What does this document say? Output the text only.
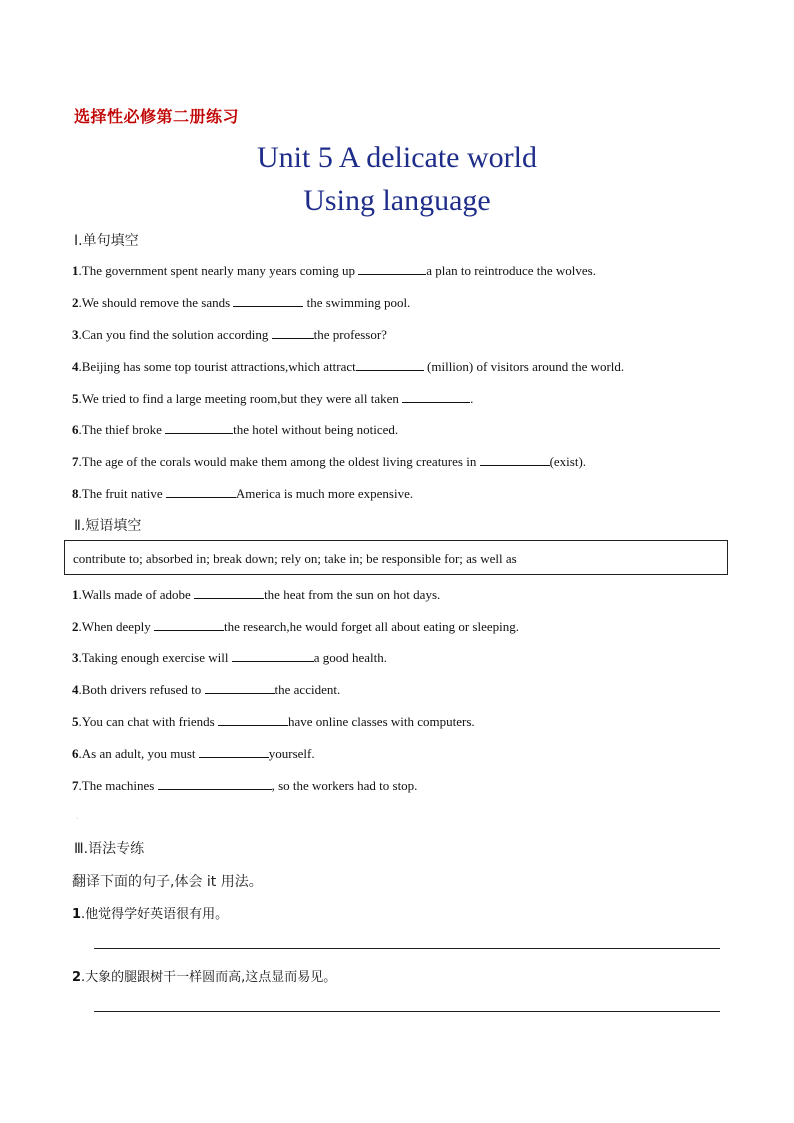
选择性必修第二册练习
Unit 5 A delicate world
Using language
Ⅰ.单句填空
1.The government spent nearly many years coming up	a plan to reintroduce the wolves.
2.We should remove the sands	the swimming pool.
3.Can you find the solution according	the professor?
4.Beijing has some top tourist attractions,which attract	(million) of visitors around the world.
5.We tried to find a large meeting room,but they were all taken	.
6.The thief broke	the hotel without being noticed.
7.The age of the corals would make them among the oldest living creatures in	(exist).
8.The fruit native	America is much more expensive.
Ⅱ.短语填空
contribute to; absorbed in; break down; rely on; take in; be responsible for; as well as
1.Walls made of adobe	the heat from the sun on hot days.
2.When deeply	the research,he would forget all about eating or sleeping.
3.Taking enough exercise will	a good health.
4.Both drivers refused to	the accident.
5.You can chat with friends	have online classes with computers.
6.As an adult, you must	yourself.
7.The machines	, so the workers had to stop.
·
Ⅲ.语法专练
翻译下面的句子,体会 it 用法。
1.他觉得学好英语很有用。
2.大象的腿跟树干一样圆而高,这点显而易见。
